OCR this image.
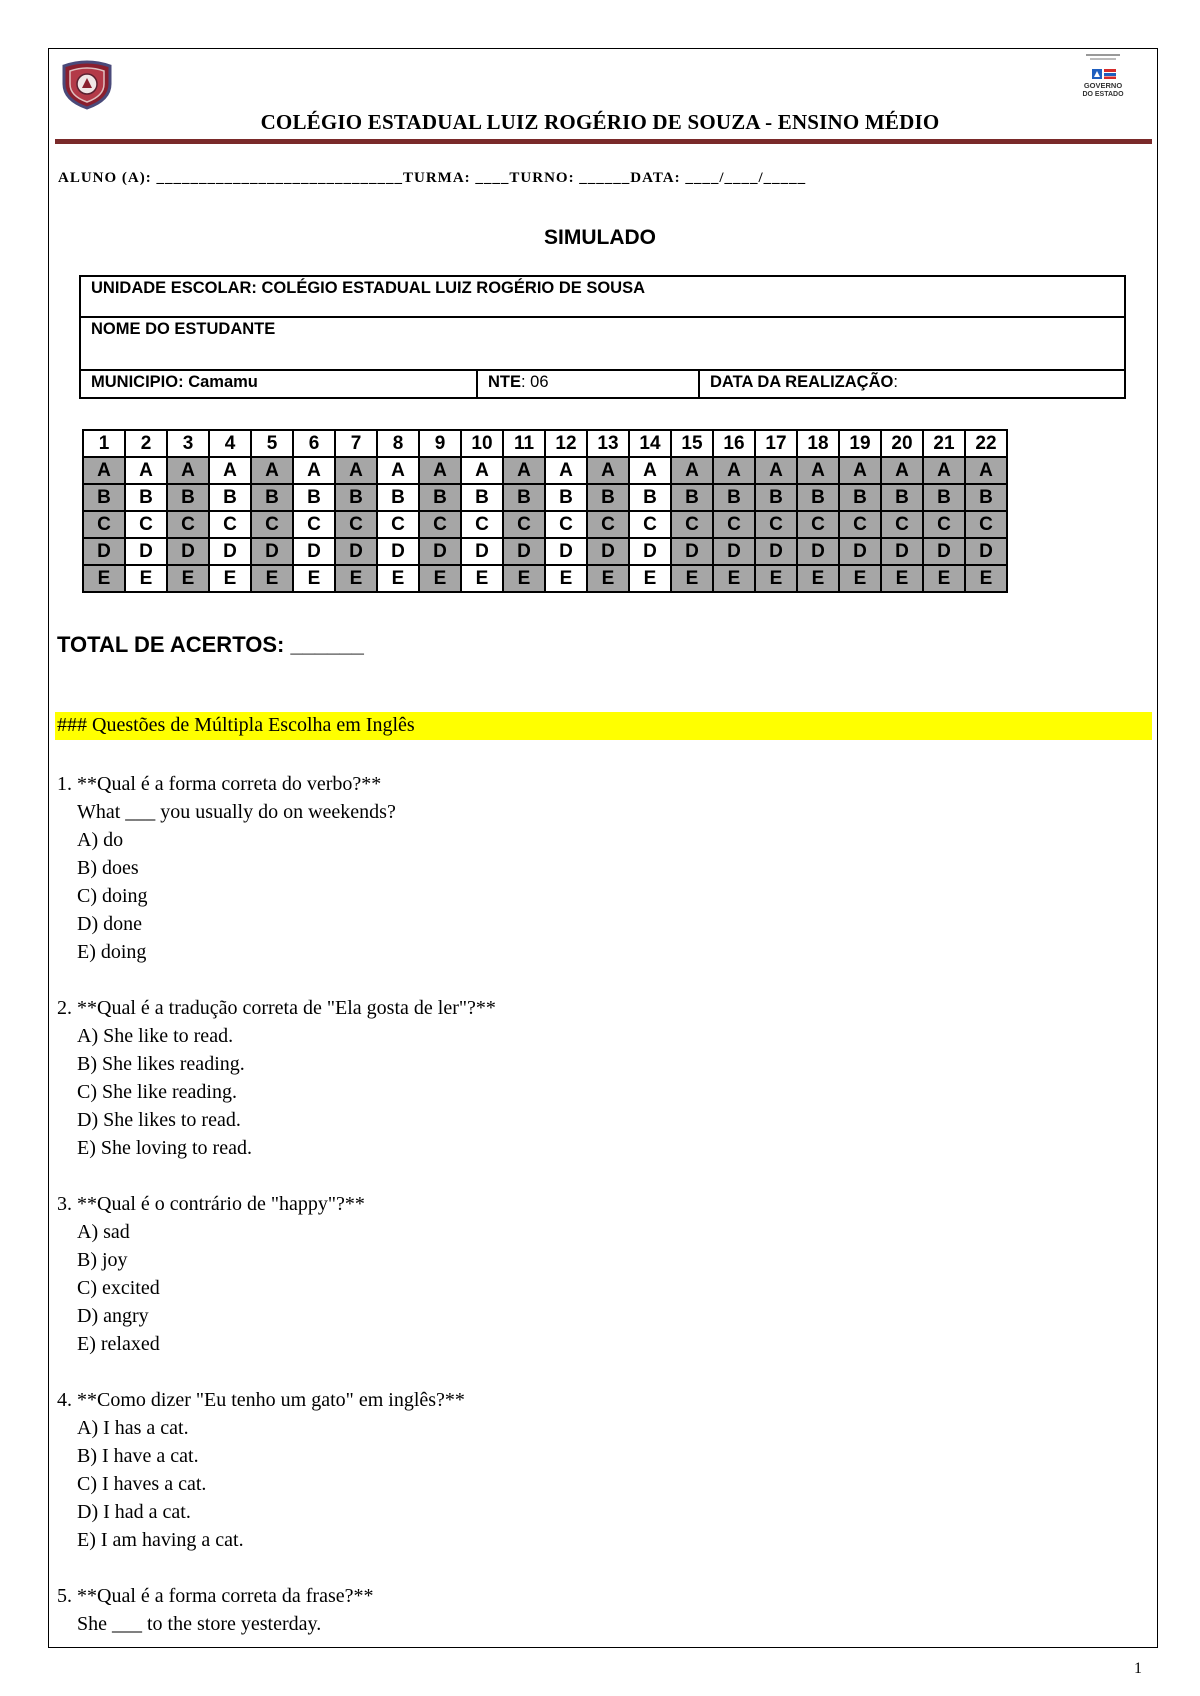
GOVERNO
DO ESTADO
COLÉGIO ESTADUAL LUIZ ROGÉRIO DE SOUZA - ENSINO MÉDIO
ALUNO (A): _____________________________TURMA: ____TURNO: ______DATA: ____/____/_____
SIMULADO
UNIDADE ESCOLAR: COLÉGIO ESTADUAL LUIZ ROGÉRIO DE SOUSA
NOME DO ESTUDANTE
MUNICIPIO: Camamu	NTE: 06	DATA DA REALIZAÇÃO:
1	2	3	4	5	6	7	8	9	10	11	12	13	14	15	16	17	18	19	20	21	22
A	A	A	A	A	A	A	A	A	A	A	A	A	A	A	A	A	A	A	A	A	A
B	B	B	B	B	B	B	B	B	B	B	B	B	B	B	B	B	B	B	B	B	B
C	C	C	C	C	C	C	C	C	C	C	C	C	C	C	C	C	C	C	C	C	C
D	D	D	D	D	D	D	D	D	D	D	D	D	D	D	D	D	D	D	D	D	D
E	E	E	E	E	E	E	E	E	E	E	E	E	E	E	E	E	E	E	E	E	E
TOTAL DE ACERTOS: ______
### Questões de Múltipla Escolha em Inglês
1. **Qual é a forma correta do verbo?**
What ___ you usually do on weekends?
A) do
B) does
C) doing
D) done
E) doing
2. **Qual é a tradução correta de "Ela gosta de ler"?**
A) She like to read.
B) She likes reading.
C) She like reading.
D) She likes to read.
E) She loving to read.
3. **Qual é o contrário de "happy"?**
A) sad
B) joy
C) excited
D) angry
E) relaxed
4. **Como dizer "Eu tenho um gato" em inglês?**
A) I has a cat.
B) I have a cat.
C) I haves a cat.
D) I had a cat.
E) I am having a cat.
5. **Qual é a forma correta da frase?**
She ___ to the store yesterday.
1
